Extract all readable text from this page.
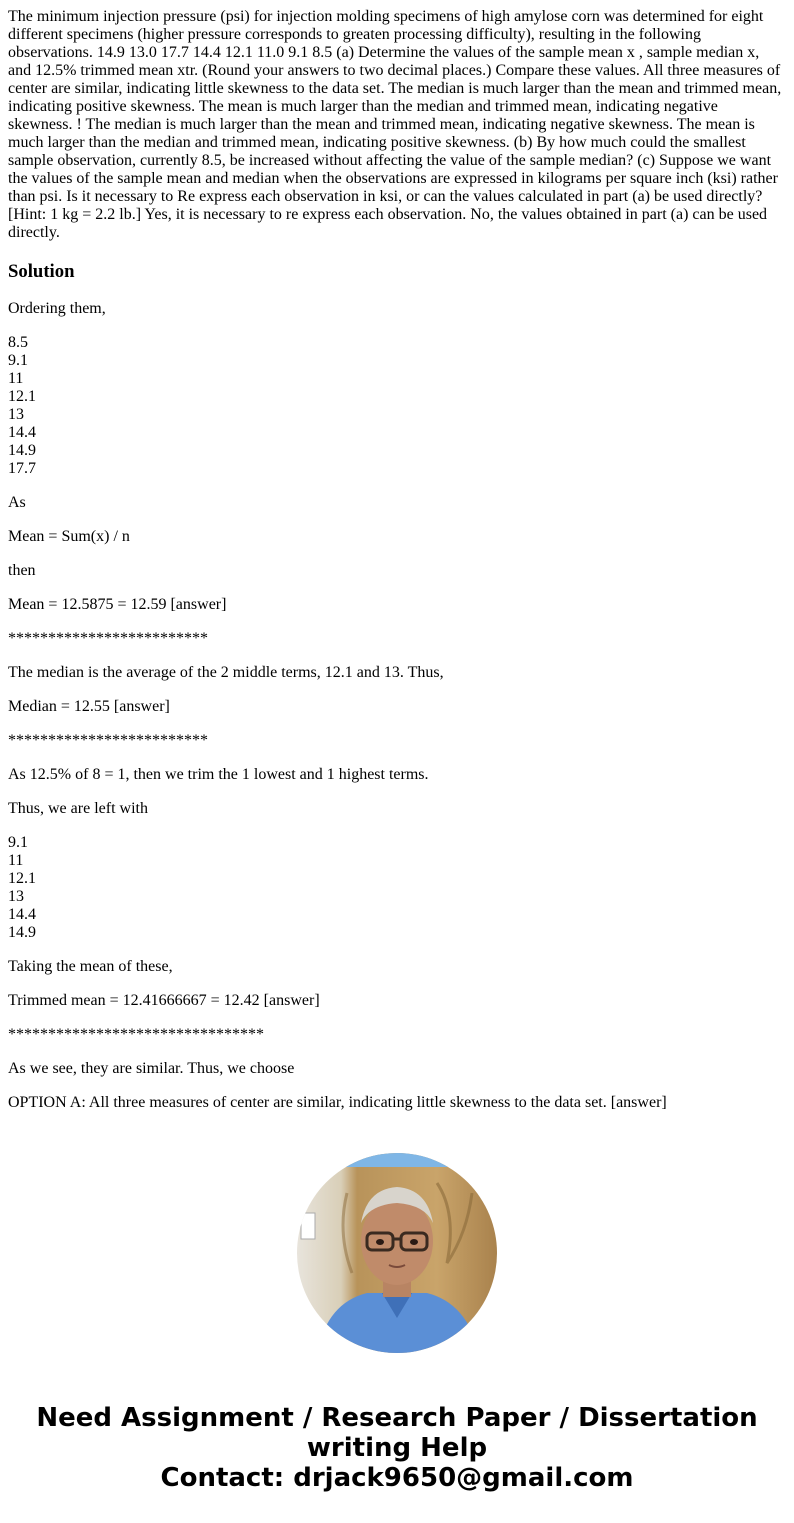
The minimum injection pressure (psi) for injection molding specimens of high amylose corn was determined for eight different specimens (higher pressure corresponds to greaten processing difficulty), resulting in the following observations. 14.9 13.0 17.7 14.4 12.1 11.0 9.1 8.5 (a) Determine the values of the sample mean x , sample median x, and 12.5% trimmed mean xtr. (Round your answers to two decimal places.) Compare these values. All three measures of center are similar, indicating little skewness to the data set. The median is much larger than the mean and trimmed mean, indicating positive skewness. The mean is much larger than the median and trimmed mean, indicating negative skewness. ! The median is much larger than the mean and trimmed mean, indicating negative skewness. The mean is much larger than the median and trimmed mean, indicating positive skewness. (b) By how much could the smallest sample observation, currently 8.5, be increased without affecting the value of the sample median? (c) Suppose we want the values of the sample mean and median when the observations are expressed in kilograms per square inch (ksi) rather than psi. Is it necessary to Re express each observation in ksi, or can the values calculated in part (a) be used directly? [Hint: 1 kg = 2.2 lb.] Yes, it is necessary to re express each observation. No, the values obtained in part (a) can be used directly.
Solution

Ordering them,

8.5
9.1
11
12.1
13
14.4
14.9
17.7

As

Mean = Sum(x) / n

then

Mean = 12.5875 = 12.59 [answer]

*************************

The median is the average of the 2 middle terms, 12.1 and 13. Thus,

Median = 12.55 [answer]

*************************

As 12.5% of 8 = 1, then we trim the 1 lowest and 1 highest terms.

Thus, we are left with

9.1
11
12.1
13
14.4
14.9

Taking the mean of these,

Trimmed mean = 12.41666667 = 12.42 [answer]

********************************

As we see, they are similar. Thus, we choose

OPTION A: All three measures of center are similar, indicating little skewness to the data set. [answer]

Need Assignment / Research Paper / Dissertation
writing Help
Contact: drjack9650@gmail.com
